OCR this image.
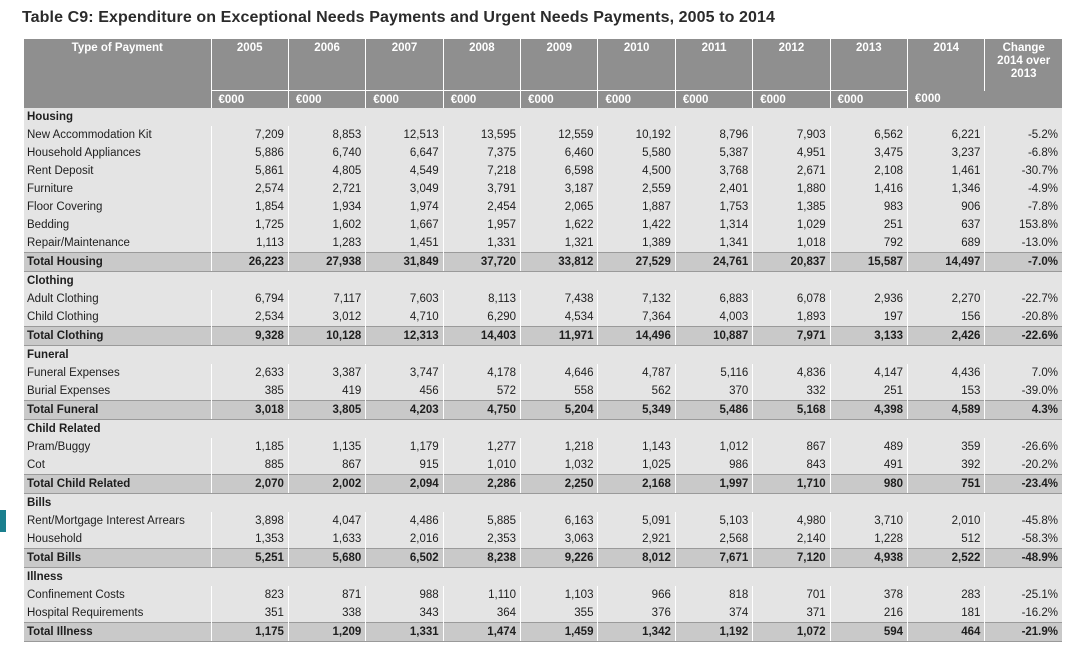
Table C9: Expenditure on Exceptional Needs Payments and Urgent Needs Payments, 2005 to 2014
Type of Payment	2005	2006	2007	2008	2009	2010	2011	2012	2013	2014	Change 2014 over 2013
	€000	€000	€000	€000	€000	€000	€000	€000	€000	€000	
Housing											
New Accommodation Kit	7,209	8,853	12,513	13,595	12,559	10,192	8,796	7,903	6,562	6,221	-5.2%
Household Appliances	5,886	6,740	6,647	7,375	6,460	5,580	5,387	4,951	3,475	3,237	-6.8%
Rent Deposit	5,861	4,805	4,549	7,218	6,598	4,500	3,768	2,671	2,108	1,461	-30.7%
Furniture	2,574	2,721	3,049	3,791	3,187	2,559	2,401	1,880	1,416	1,346	-4.9%
Floor Covering	1,854	1,934	1,974	2,454	2,065	1,887	1,753	1,385	983	906	-7.8%
Bedding	1,725	1,602	1,667	1,957	1,622	1,422	1,314	1,029	251	637	153.8%
Repair/Maintenance	1,113	1,283	1,451	1,331	1,321	1,389	1,341	1,018	792	689	-13.0%
Total Housing	26,223	27,938	31,849	37,720	33,812	27,529	24,761	20,837	15,587	14,497	-7.0%
Clothing											
Adult Clothing	6,794	7,117	7,603	8,113	7,438	7,132	6,883	6,078	2,936	2,270	-22.7%
Child Clothing	2,534	3,012	4,710	6,290	4,534	7,364	4,003	1,893	197	156	-20.8%
Total Clothing	9,328	10,128	12,313	14,403	11,971	14,496	10,887	7,971	3,133	2,426	-22.6%
Funeral											
Funeral Expenses	2,633	3,387	3,747	4,178	4,646	4,787	5,116	4,836	4,147	4,436	7.0%
Burial Expenses	385	419	456	572	558	562	370	332	251	153	-39.0%
Total Funeral	3,018	3,805	4,203	4,750	5,204	5,349	5,486	5,168	4,398	4,589	4.3%
Child Related											
Pram/Buggy	1,185	1,135	1,179	1,277	1,218	1,143	1,012	867	489	359	-26.6%
Cot	885	867	915	1,010	1,032	1,025	986	843	491	392	-20.2%
Total Child Related	2,070	2,002	2,094	2,286	2,250	2,168	1,997	1,710	980	751	-23.4%
Bills											
Rent/Mortgage Interest Arrears	3,898	4,047	4,486	5,885	6,163	5,091	5,103	4,980	3,710	2,010	-45.8%
Household	1,353	1,633	2,016	2,353	3,063	2,921	2,568	2,140	1,228	512	-58.3%
Total Bills	5,251	5,680	6,502	8,238	9,226	8,012	7,671	7,120	4,938	2,522	-48.9%
Illness											
Confinement Costs	823	871	988	1,110	1,103	966	818	701	378	283	-25.1%
Hospital Requirements	351	338	343	364	355	376	374	371	216	181	-16.2%
Total Illness	1,175	1,209	1,331	1,474	1,459	1,342	1,192	1,072	594	464	-21.9%
